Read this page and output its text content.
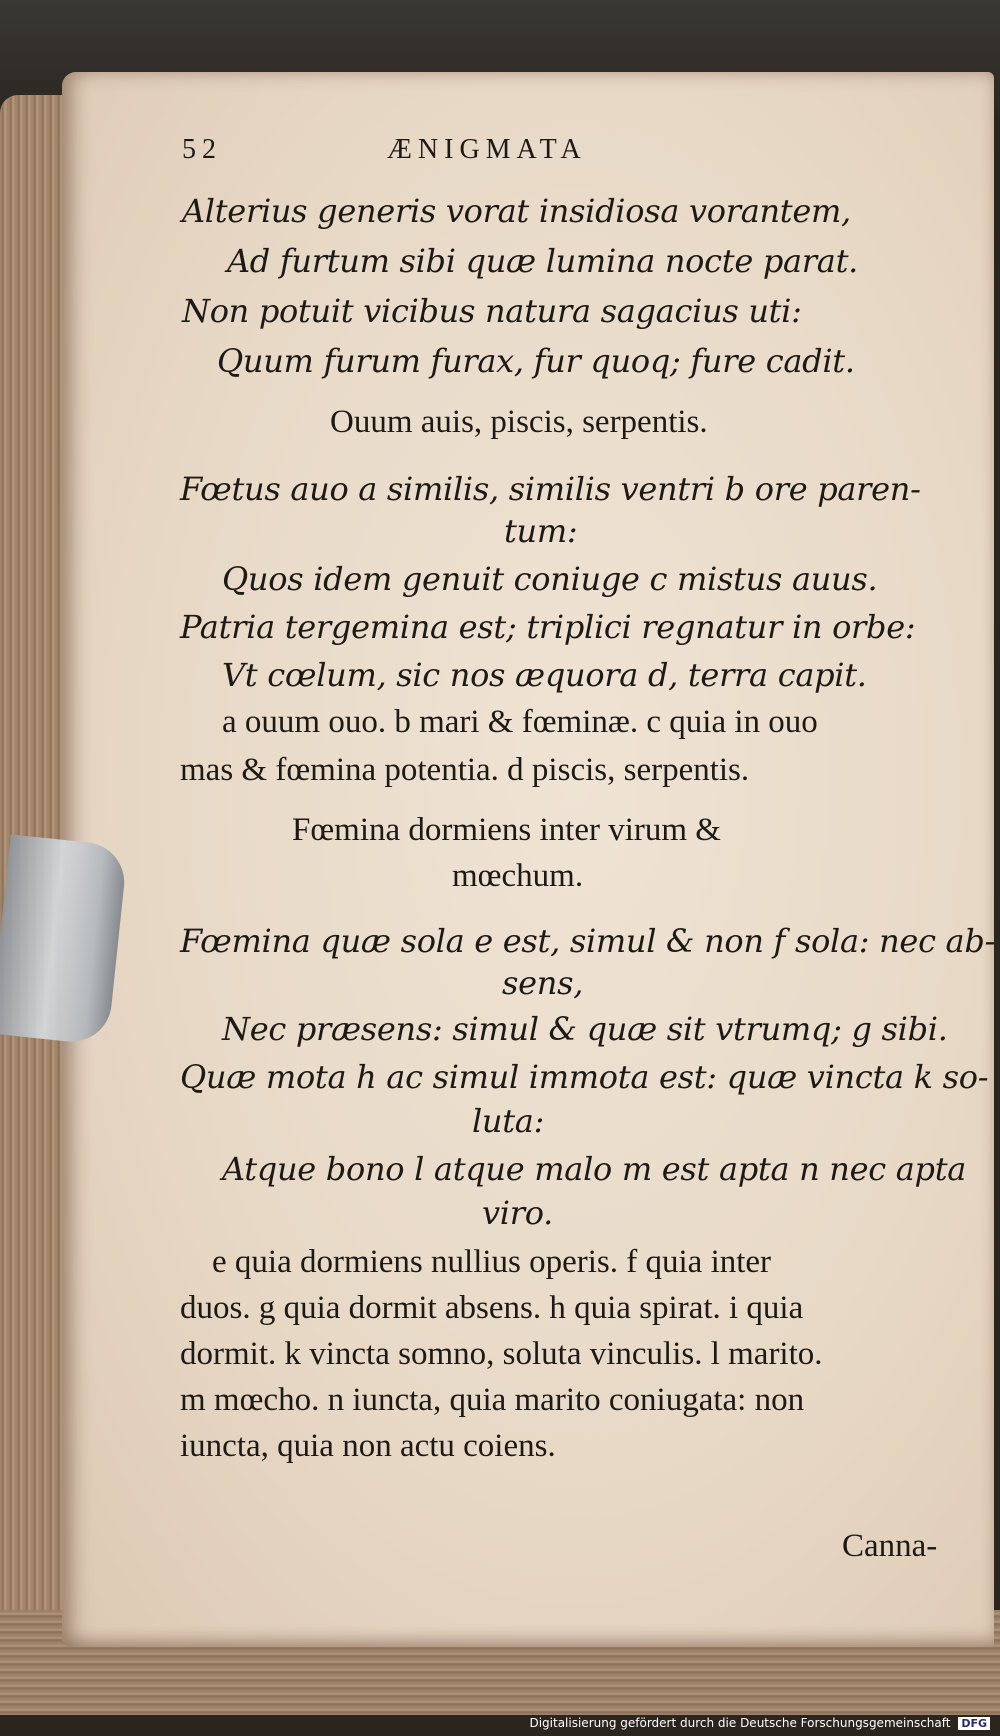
52	ÆNIGMATA
Alterius generis vorat insidiosa vorantem,
Ad furtum sibi quæ lumina nocte parat.
Non potuit vicibus natura sagacius uti:
Quum furum furax, fur quoq; fure cadit.
Ouum auis, piscis, serpentis.
Fœtus auo a similis, similis ventri b ore paren-
tum:
Quos idem genuit coniuge c mistus auus.
Patria tergemina est; triplici regnatur in orbe:
Vt cœlum, sic nos æquora d, terra capit.
a ouum ouo. b mari & fœminæ. c quia in ouo
mas & fœmina potentia. d piscis, serpentis.
Fœmina dormiens inter virum &
mœchum.
Fœmina quæ sola e est, simul & non f sola: nec ab-
sens,
Nec præsens: simul & quæ sit vtrumq; g sibi.
Quæ mota h ac simul immota est: quæ vincta k so-
luta:
Atque bono l atque malo m est apta n nec apta
viro.
e quia dormiens nullius operis. f quia inter
duos. g quia dormit absens. h quia spirat. i quia
dormit. k vincta somno, soluta vinculis. l marito.
m mœcho. n iuncta, quia marito coniugata: non
iuncta, quia non actu coiens.
Canna-
Digitalisierung gefördert durch die Deutsche Forschungsgemeinschaft DFG
